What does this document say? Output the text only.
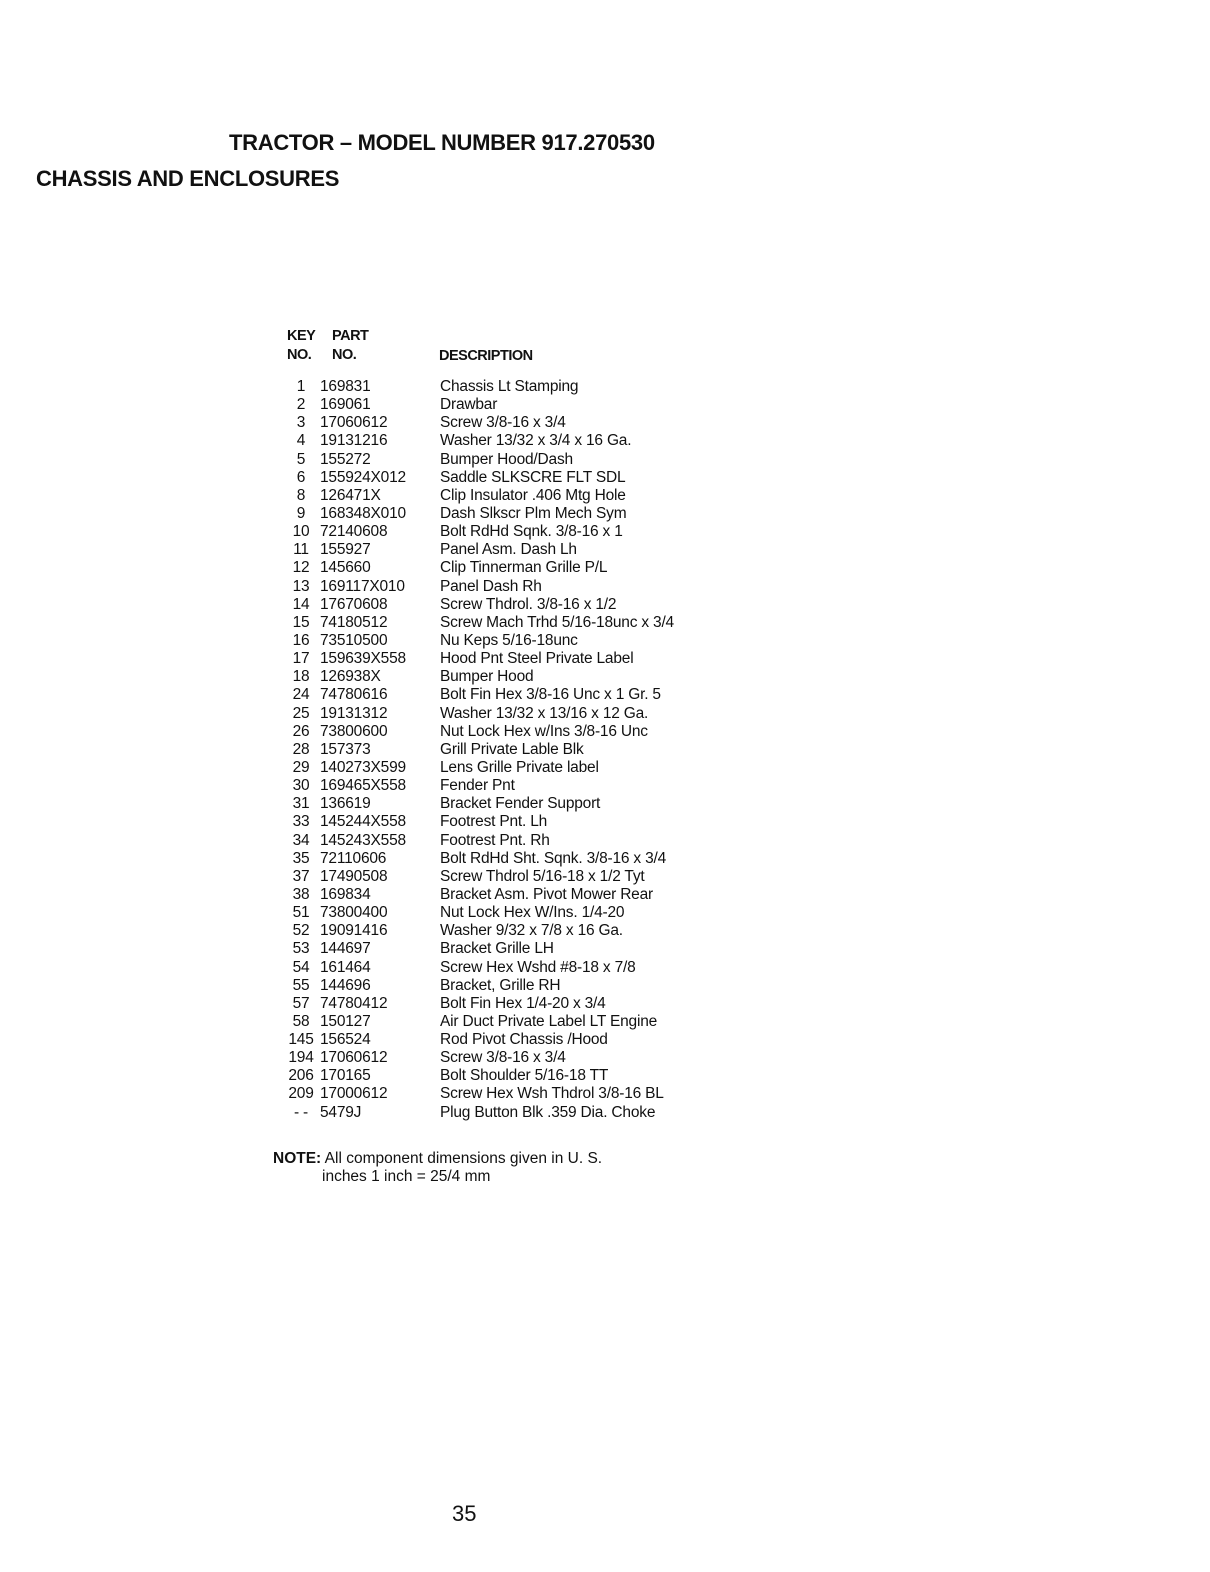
TRACTOR – MODEL NUMBER 917.270530
CHASSIS AND ENCLOSURES
KEY
NO.
PART
NO.	DESCRIPTION
1 169831	Chassis Lt Stamping
2 169061	Drawbar
3 17060612	Screw 3/8-16 x 3/4
4 19131216	Washer 13/32 x 3/4 x 16 Ga.
5 155272	Bumper Hood/Dash
6 155924X012 Saddle SLKSCRE FLT SDL
8 126471X	Clip Insulator .406 Mtg Hole
9 168348X010 Dash Slkscr Plm Mech Sym
10 72140608	Bolt RdHd Sqnk. 3/8-16 x 1
11 155927	Panel Asm. Dash Lh
12 145660	Clip Tinnerman Grille P/L
13 169117X010 Panel Dash Rh
14 17670608	Screw Thdrol. 3/8-16 x 1/2
15 74180512	Screw Mach Trhd 5/16-18unc x 3/4
16 73510500	Nu Keps 5/16-18unc
17 159639X558 Hood Pnt Steel Private Label
18 126938X	Bumper Hood
24 74780616	Bolt Fin Hex 3/8-16 Unc x 1 Gr. 5
25 19131312	Washer 13/32 x 13/16 x 12 Ga.
26 73800600	Nut Lock Hex w/Ins 3/8-16 Unc
28 157373	Grill Private Lable Blk
29 140273X599 Lens Grille Private label
30 169465X558 Fender Pnt
31 136619	Bracket Fender Support
33 145244X558 Footrest Pnt. Lh
34 145243X558 Footrest Pnt. Rh
35 72110606	Bolt RdHd Sht. Sqnk. 3/8-16 x 3/4
37 17490508	Screw Thdrol 5/16-18 x 1/2 Tyt
38 169834	Bracket Asm. Pivot Mower Rear
51 73800400	Nut Lock Hex W/Ins. 1/4-20
52 19091416	Washer 9/32 x 7/8 x 16 Ga.
53 144697	Bracket Grille LH
54 161464	Screw Hex Wshd #8-18 x 7/8
55 144696	Bracket, Grille RH
57 74780412	Bolt Fin Hex 1/4-20 x 3/4
58 150127	Air Duct Private Label LT Engine
145 156524	Rod Pivot Chassis /Hood
194 17060612	Screw 3/8-16 x 3/4
206 170165	Bolt Shoulder 5/16-18 TT
209 17000612	Screw Hex Wsh Thdrol 3/8-16 BL
- - 5479J	Plug Button Blk .359 Dia. Choke
NOTE: All component dimensions given in U. S.
inches 1 inch = 25/4 mm
35
